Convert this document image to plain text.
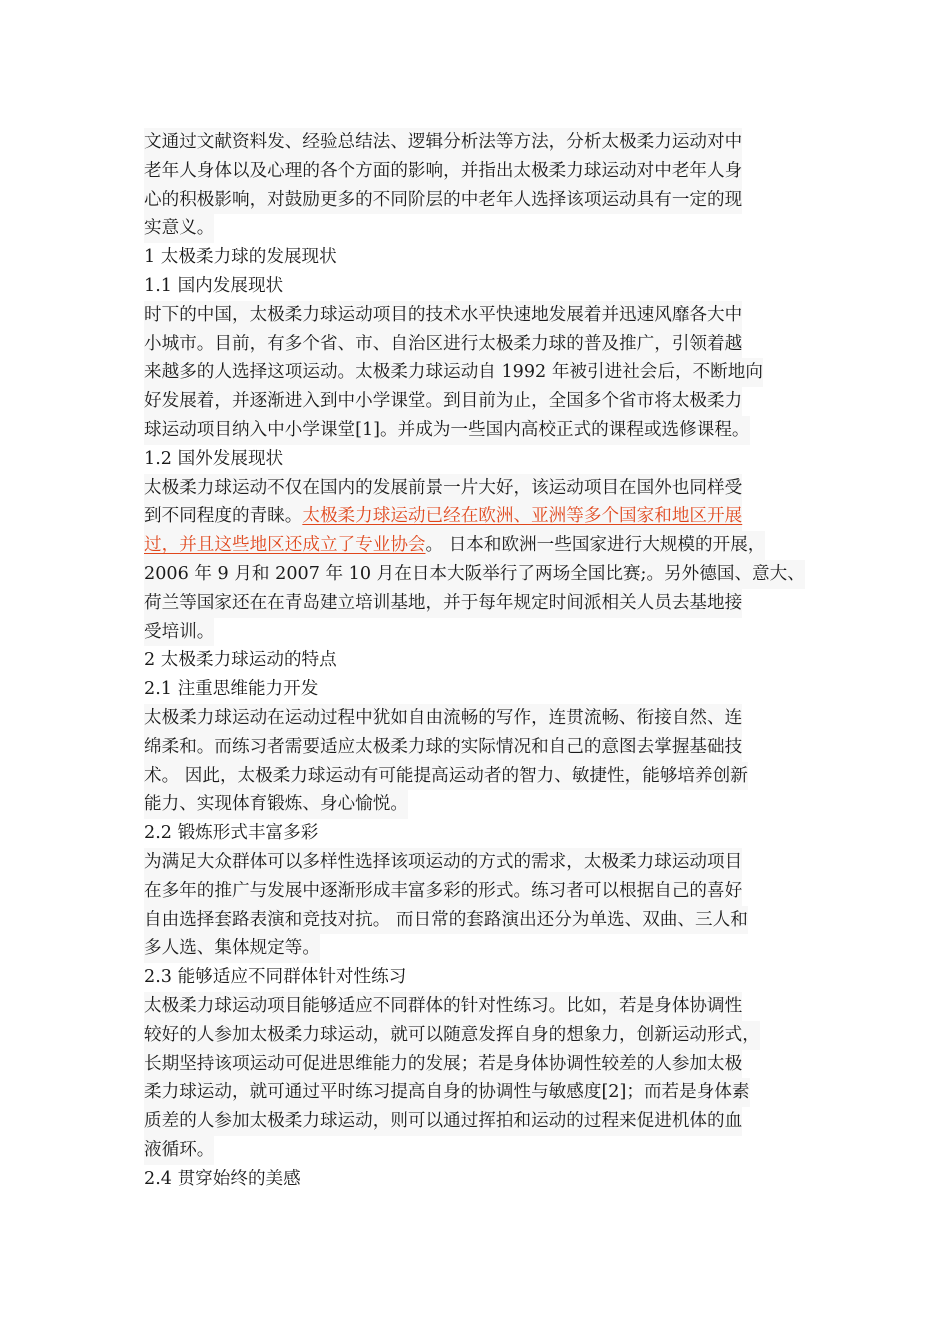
文通过文献资料发、经验总结法、逻辑分析法等方法，分析太极柔力运动对中
老年人身体以及心理的各个方面的影响，并指出太极柔力球运动对中老年人身
心的积极影响，对鼓励更多的不同阶层的中老年人选择该项运动具有一定的现
实意义。
1 太极柔力球的发展现状
1.1 国内发展现状
时下的中国，太极柔力球运动项目的技术水平快速地发展着并迅速风靡各大中
小城市。目前，有多个省、市、自治区进行太极柔力球的普及推广，引领着越
来越多的人选择这项运动。太极柔力球运动自 1992 年被引进社会后，不断地向
好发展着，并逐渐进入到中小学课堂。到目前为止，全国多个省市将太极柔力
球运动项目纳入中小学课堂[1]。并成为一些国内高校正式的课程或选修课程。
1.2 国外发展现状
太极柔力球运动不仅在国内的发展前景一片大好，该运动项目在国外也同样受
到不同程度的青睐。太极柔力球运动已经在欧洲、亚洲等多个国家和地区开展
过，并且这些地区还成立了专业协会。 日本和欧洲一些国家进行大规模的开展，
2006 年 9 月和 2007 年 10 月在日本大阪举行了两场全国比赛;。另外德国、意大、
荷兰等国家还在在青岛建立培训基地，并于每年规定时间派相关人员去基地接
受培训。
2 太极柔力球运动的特点
2.1 注重思维能力开发
太极柔力球运动在运动过程中犹如自由流畅的写作，连贯流畅、衔接自然、连
绵柔和。而练习者需要适应太极柔力球的实际情况和自己的意图去掌握基础技
术。 因此，太极柔力球运动有可能提高运动者的智力、敏捷性，能够培养创新
能力、实现体育锻炼、身心愉悦。
2.2 锻炼形式丰富多彩
为满足大众群体可以多样性选择该项运动的方式的需求，太极柔力球运动项目
在多年的推广与发展中逐渐形成丰富多彩的形式。练习者可以根据自己的喜好
自由选择套路表演和竞技对抗。 而日常的套路演出还分为单选、双曲、三人和
多人选、集体规定等。
2.3 能够适应不同群体针对性练习
太极柔力球运动项目能够适应不同群体的针对性练习。比如，若是身体协调性
较好的人参加太极柔力球运动，就可以随意发挥自身的想象力，创新运动形式，
长期坚持该项运动可促进思维能力的发展；若是身体协调性较差的人参加太极
柔力球运动，就可通过平时练习提高自身的协调性与敏感度[2]；而若是身体素
质差的人参加太极柔力球运动，则可以通过挥拍和运动的过程来促进机体的血
液循环。
2.4 贯穿始终的美感
